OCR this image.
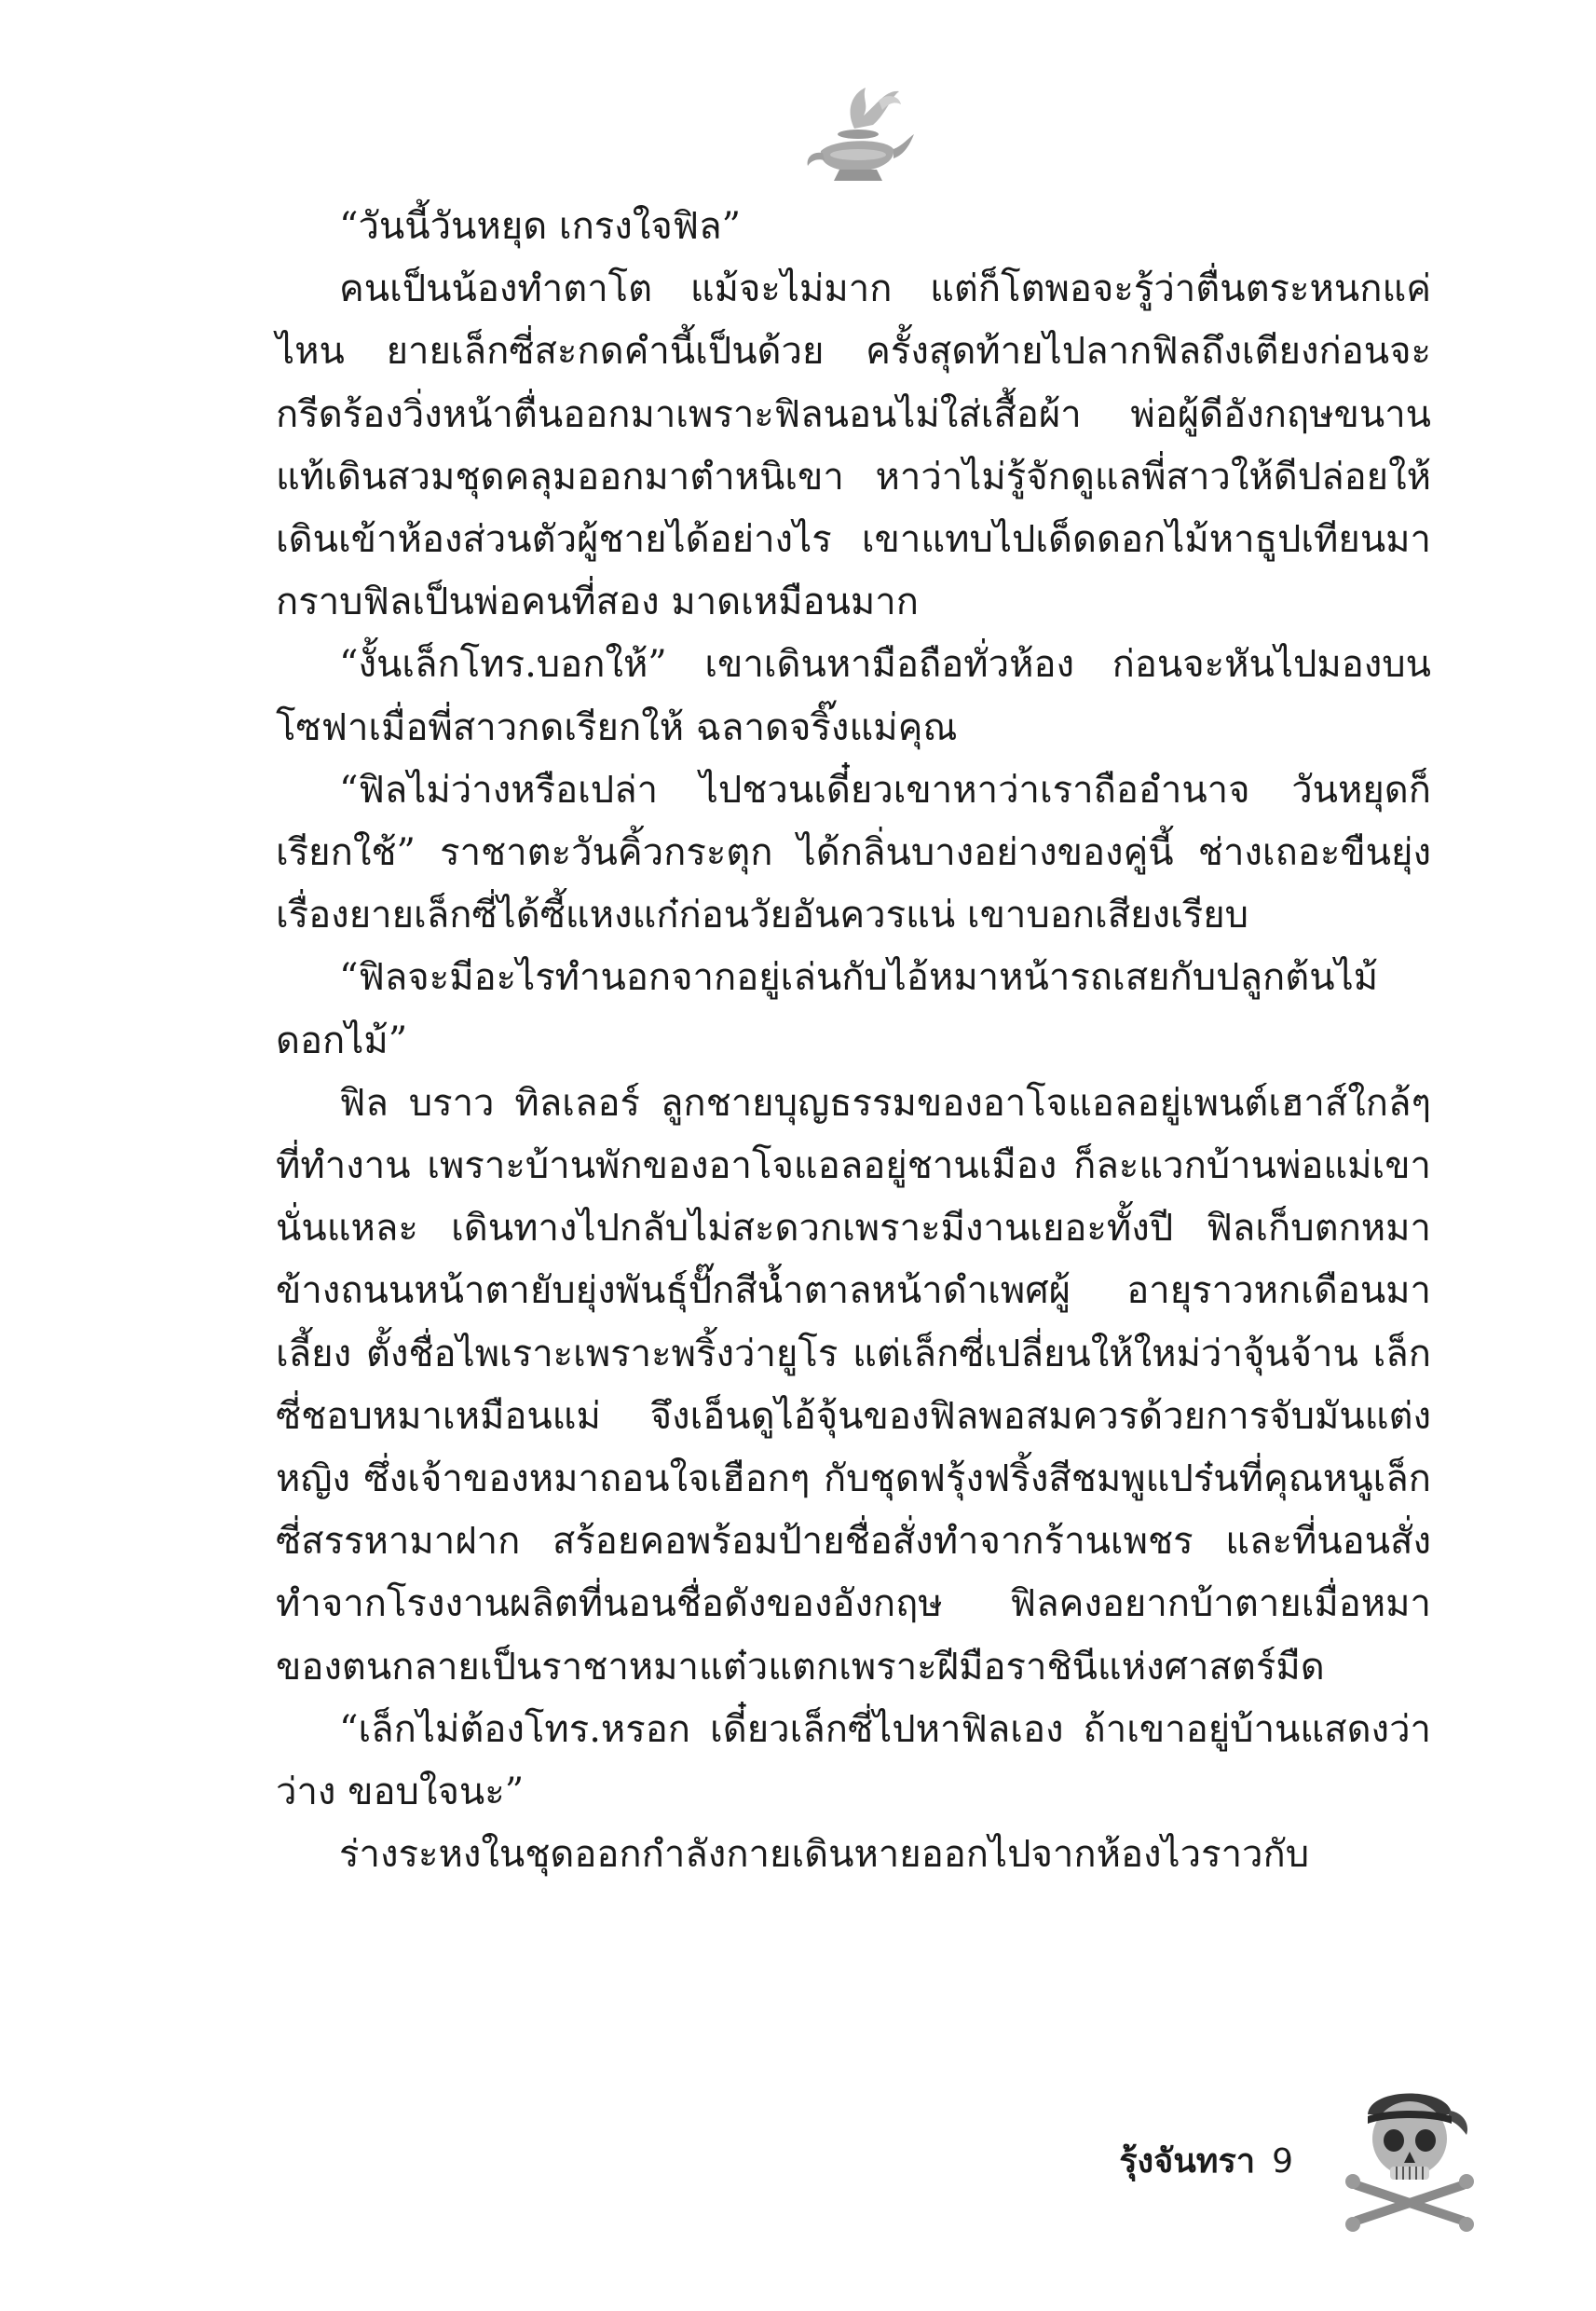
“วันนี้วันหยุด เกรงใจฟิล”

คนเป็นน้องทำตาโต แม้จะไม่มาก แต่ก็โตพอจะรู้ว่าตื่นตระหนกแค่ไหน ยายเล็กซี่สะกดคำนี้เป็นด้วย ครั้งสุดท้ายไปลากฟิลถึงเตียงก่อนจะกรีดร้องวิ่งหน้าตื่นออกมาเพราะฟิลนอนไม่ใส่เสื้อผ้า พ่อผู้ดีอังกฤษขนานแท้เดินสวมชุดคลุมออกมาตำหนิเขา หาว่าไม่รู้จักดูแลพี่สาวให้ดีปล่อยให้เดินเข้าห้องส่วนตัวผู้ชายได้อย่างไร เขาแทบไปเด็ดดอกไม้หาธูปเทียนมากราบฟิลเป็นพ่อคนที่สอง มาดเหมือนมาก

“งั้นเล็กโทร.บอกให้” เขาเดินหามือถือทั่วห้อง ก่อนจะหันไปมองบนโซฟาเมื่อพี่สาวกดเรียกให้ ฉลาดจริ๊งแม่คุณ

“ฟิลไม่ว่างหรือเปล่า ไปชวนเดี๋ยวเขาหาว่าเราถืออำนาจ วันหยุดก็เรียกใช้” ราชาตะวันคิ้วกระตุก ได้กลิ่นบางอย่างของคู่นี้ ช่างเถอะขืนยุ่งเรื่องยายเล็กซี่ได้ซี้แหงแก๋ก่อนวัยอันควรแน่ เขาบอกเสียงเรียบ

“ฟิลจะมีอะไรทำนอกจากอยู่เล่นกับไอ้หมาหน้ารถเสยกับปลูกต้นไม้ดอกไม้”

ฟิล บราว ทิลเลอร์ ลูกชายบุญธรรมของอาโจแอลอยู่เพนต์เฮาส์ใกล้ๆ ที่ทำงาน เพราะบ้านพักของอาโจแอลอยู่ชานเมือง ก็ละแวกบ้านพ่อแม่เขานั่นแหละ เดินทางไปกลับไม่สะดวกเพราะมีงานเยอะทั้งปี ฟิลเก็บตกหมาข้างถนนหน้าตายับยุ่งพันธุ์ปั๊กสีน้ำตาลหน้าดำเพศผู้ อายุราวหกเดือนมาเลี้ยง ตั้งชื่อไพเราะเพราะพริ้งว่ายูโร แต่เล็กซี่เปลี่ยนให้ใหม่ว่าจุ้นจ้าน เล็กซี่ชอบหมาเหมือนแม่ จึงเอ็นดูไอ้จุ้นของฟิลพอสมควรด้วยการจับมันแต่งหญิง ซึ่งเจ้าของหมาถอนใจเฮือกๆ กับชุดฟรุ้งฟริ้งสีชมพูแปร๋นที่คุณหนูเล็กซี่สรรหามาฝาก สร้อยคอพร้อมป้ายชื่อสั่งทำจากร้านเพชร และที่นอนสั่งทำจากโรงงานผลิตที่นอนชื่อดังของอังกฤษ ฟิลคงอยากบ้าตายเมื่อหมาของตนกลายเป็นราชาหมาแต๋วแตกเพราะฝีมือราชินีแห่งศาสตร์มืด

“เล็กไม่ต้องโทร.หรอก เดี๋ยวเล็กซี่ไปหาฟิลเอง ถ้าเขาอยู่บ้านแสดงว่าว่าง ขอบใจนะ”

ร่างระหงในชุดออกกำลังกายเดินหายออกไปจากห้องไวราวกับ

รุ้งจันทรา 9
